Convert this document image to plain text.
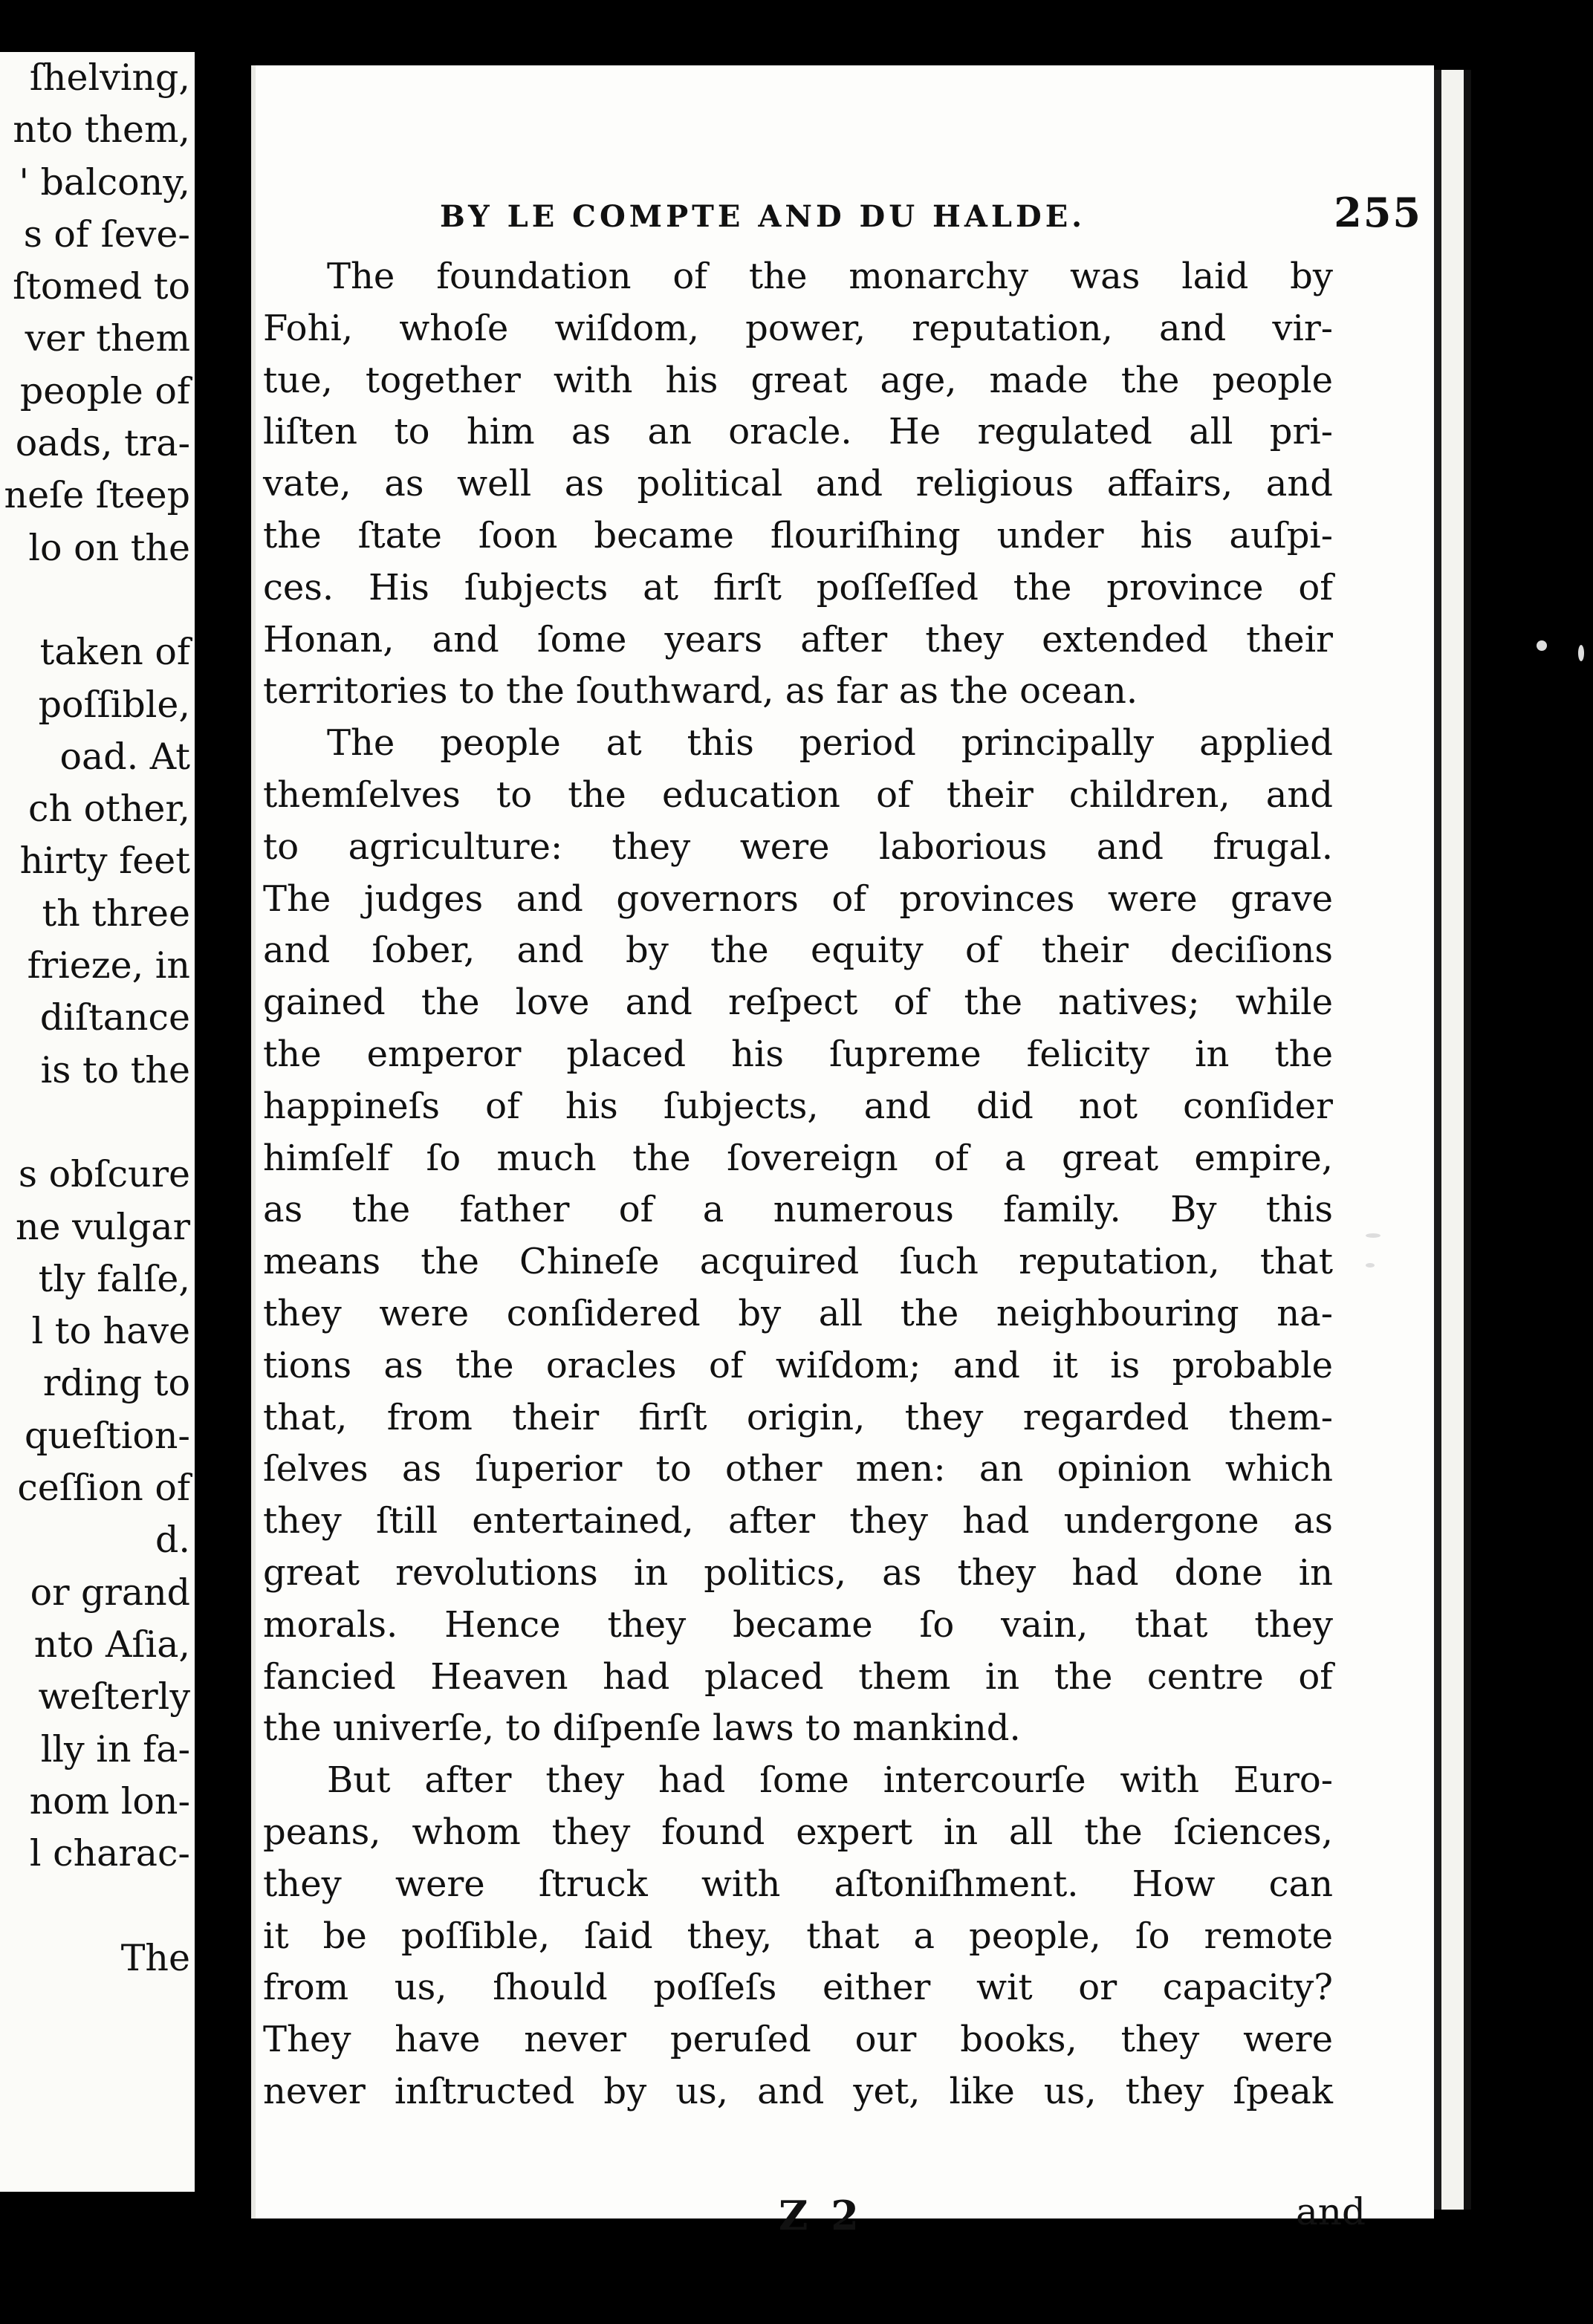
ſhelving,
nto them,
' balcony,
s of ſeve-
ſtomed to
ver them
people of
oads, tra-
neſe ſteep
lo on the
taken of
poſſible,
oad. At
ch other,
hirty feet
th three
frieze, in
diſtance
is to the
s obſcure
ne vulgar
tly falſe,
l to have
rding to
queſtion-
ceſſion of
d.
or grand
nto Aſia,
weſterly
lly in fa-
nom lon-
l charac-
The
BY LE COMPTE AND DU HALDE.	255
The foundation of the monarchy was laid by
Fohi, whoſe wiſdom, power, reputation, and vir-
tue, together with his great age, made the people
liſten to him as an oracle. He regulated all pri-
vate, as well as political and religious affairs, and
the ſtate ſoon became flouriſhing under his auſpi-
ces. His ſubjects at firſt poſſeſſed the province of
Honan, and ſome years after they extended their
territories to the ſouthward, as far as the ocean.
The people at this period principally applied
themſelves to the education of their children, and
to agriculture: they were laborious and frugal.
The judges and governors of provinces were grave
and ſober, and by the equity of their deciſions
gained the love and reſpect of the natives; while
the emperor placed his ſupreme felicity in the
happineſs of his ſubjects, and did not conſider
himſelf ſo much the ſovereign of a great empire,
as the father of a numerous family. By this
means the Chineſe acquired ſuch reputation, that
they were conſidered by all the neighbouring na-
tions as the oracles of wiſdom; and it is probable
that, from their firſt origin, they regarded them-
ſelves as ſuperior to other men: an opinion which
they ſtill entertained, after they had undergone as
great revolutions in politics, as they had done in
morals. Hence they became ſo vain, that they
fancied Heaven had placed them in the centre of
the univerſe, to diſpenſe laws to mankind.
But after they had ſome intercourſe with Euro-
peans, whom they found expert in all the ſciences,
they were ſtruck with aſtoniſhment. How can
it be poſſible, ſaid they, that a people, ſo remote
from us, ſhould poſſeſs either wit or capacity?
They have never peruſed our books, they were
never inſtructed by us, and yet, like us, they ſpeak
Z 2	and
